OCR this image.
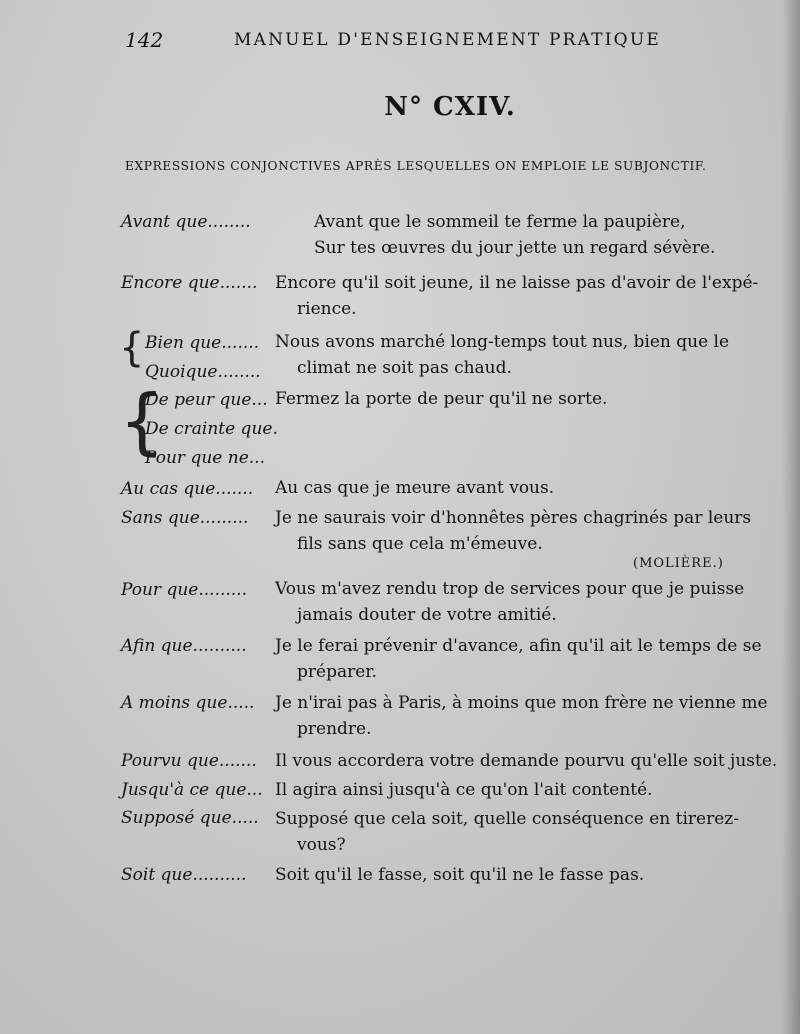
142	MANUEL D'ENSEIGNEMENT PRATIQUE
N° CXIV.
EXPRESSIONS CONJONCTIVES APRÈS LESQUELLES ON EMPLOIE LE SUBJONCTIF.
Avant que........	Avant que le sommeil te ferme la paupière,
Sur tes œuvres du jour jette un regard sévère.
Encore que....... Encore qu'il soit jeune, il ne laisse pas d'avoir de l'expé-
rience.
{ Bien que.......
Quoique........
Nous avons marché long-temps tout nus, bien que le
climat ne soit pas chaud.
{
De peur que...
De crainte que.
Pour que ne...
Fermez la porte de peur qu'il ne sorte.
Au cas que....... Au cas que je meure avant vous.
Sans que......... Je ne saurais voir d'honnêtes pères chagrinés par leurs
fils sans que cela m'émeuve.
(MOLIÈRE.)
Pour que......... Vous m'avez rendu trop de services pour que je puisse
jamais douter de votre amitié.
Afin que.......... Je le ferai prévenir d'avance, afin qu'il ait le temps de se
préparer.
A moins que..... Je n'irai pas à Paris, à moins que mon frère ne vienne me
prendre.
Pourvu que....... Il vous accordera votre demande pourvu qu'elle soit juste.
Jusqu'à ce que... Il agira ainsi jusqu'à ce qu'on l'ait contenté.
Supposé que..... Supposé que cela soit, quelle conséquence en tirerez-
vous?
Soit que.......... Soit qu'il le fasse, soit qu'il ne le fasse pas.
